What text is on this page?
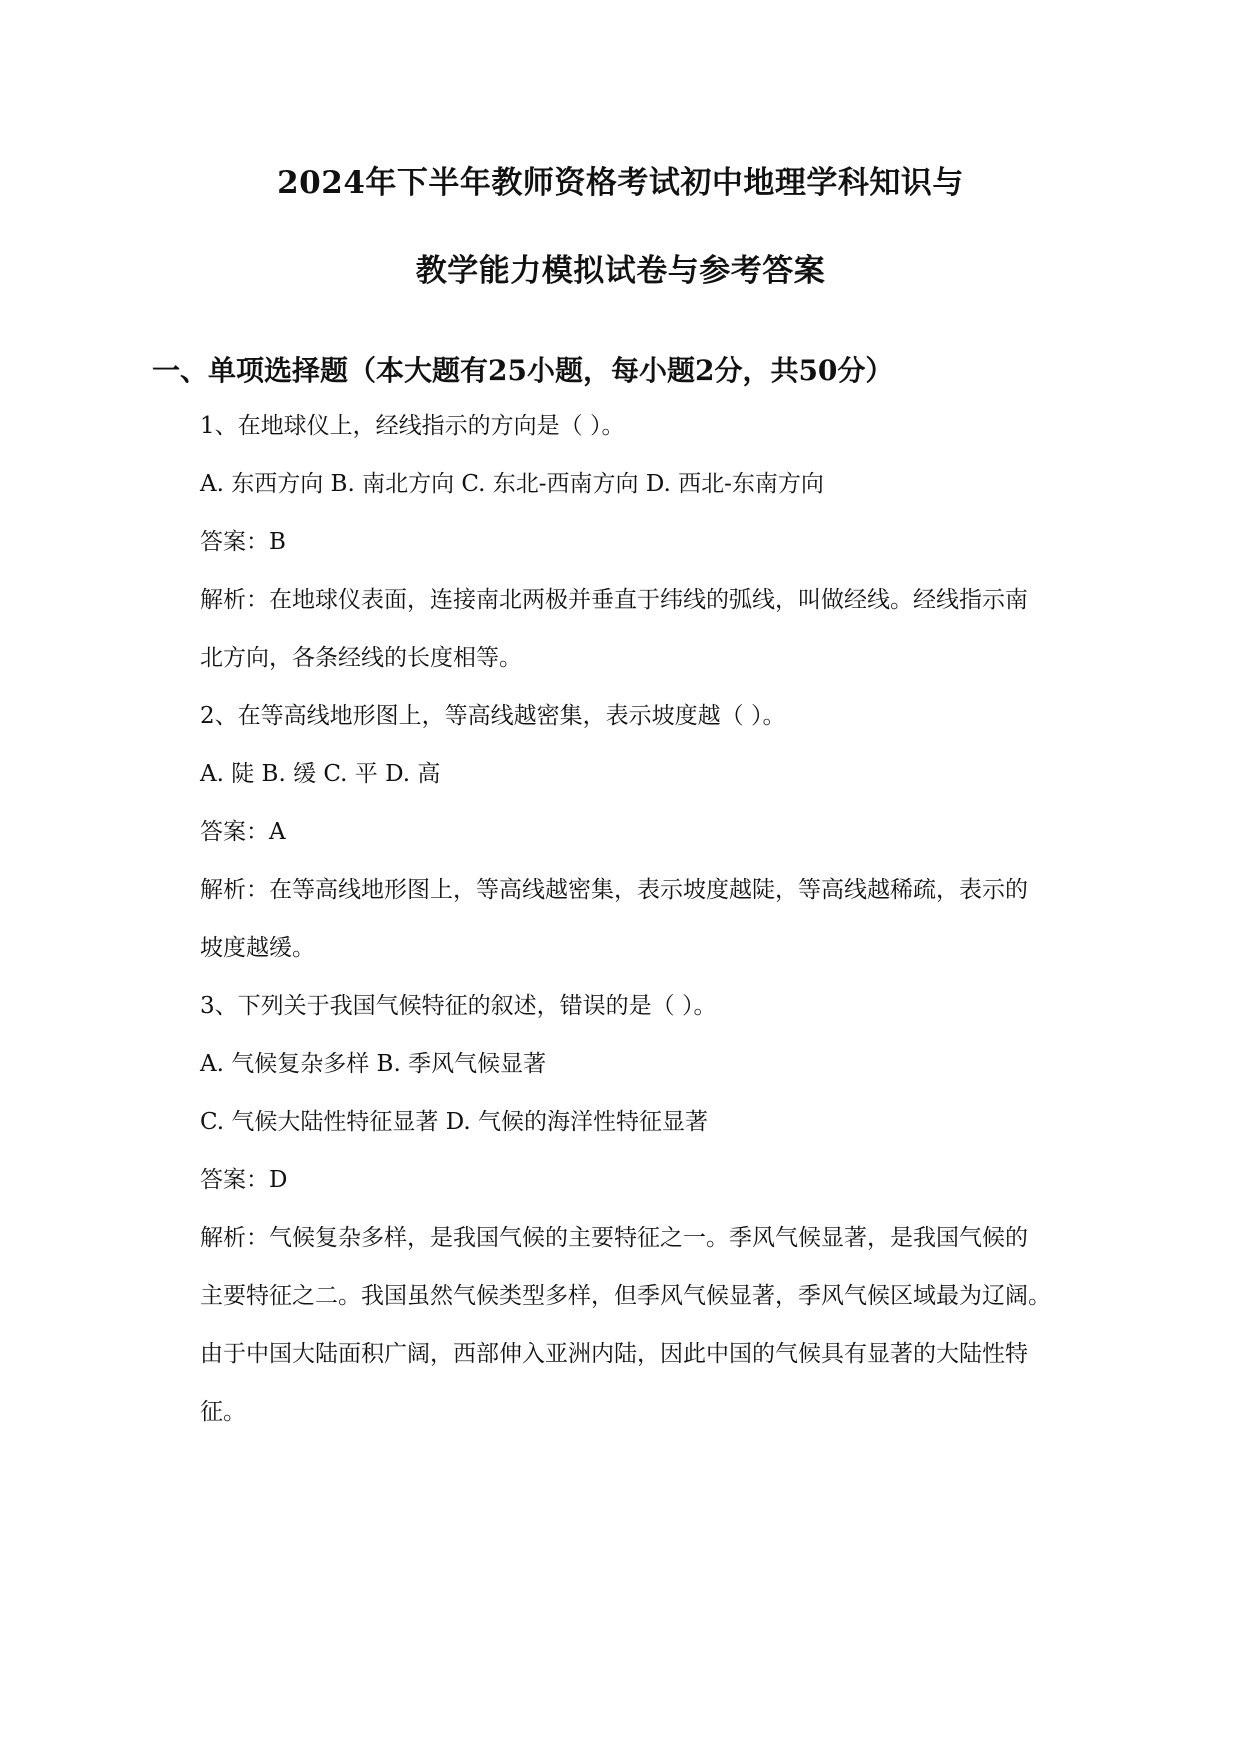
2024年下半年教师资格考试初中地理学科知识与
教学能力模拟试卷与参考答案
一、单项选择题（本大题有25小题，每小题2分，共50分）
1、在地球仪上，经线指示的方向是（ ）。
A. 东西方向 B. 南北方向 C. 东北-西南方向 D. 西北-东南方向
答案：B
解析：在地球仪表面，连接南北两极并垂直于纬线的弧线，叫做经线。经线指示南
北方向，各条经线的长度相等。
2、在等高线地形图上，等高线越密集，表示坡度越（ ）。
A. 陡 B. 缓 C. 平 D. 高
答案：A
解析：在等高线地形图上，等高线越密集，表示坡度越陡，等高线越稀疏，表示的
坡度越缓。
3、下列关于我国气候特征的叙述，错误的是（ ）。
A. 气候复杂多样 B. 季风气候显著
C. 气候大陆性特征显著 D. 气候的海洋性特征显著
答案：D
解析：气候复杂多样，是我国气候的主要特征之一。季风气候显著，是我国气候的
主要特征之二。我国虽然气候类型多样，但季风气候显著，季风气候区域最为辽阔。
由于中国大陆面积广阔，西部伸入亚洲内陆，因此中国的气候具有显著的大陆性特
征。
